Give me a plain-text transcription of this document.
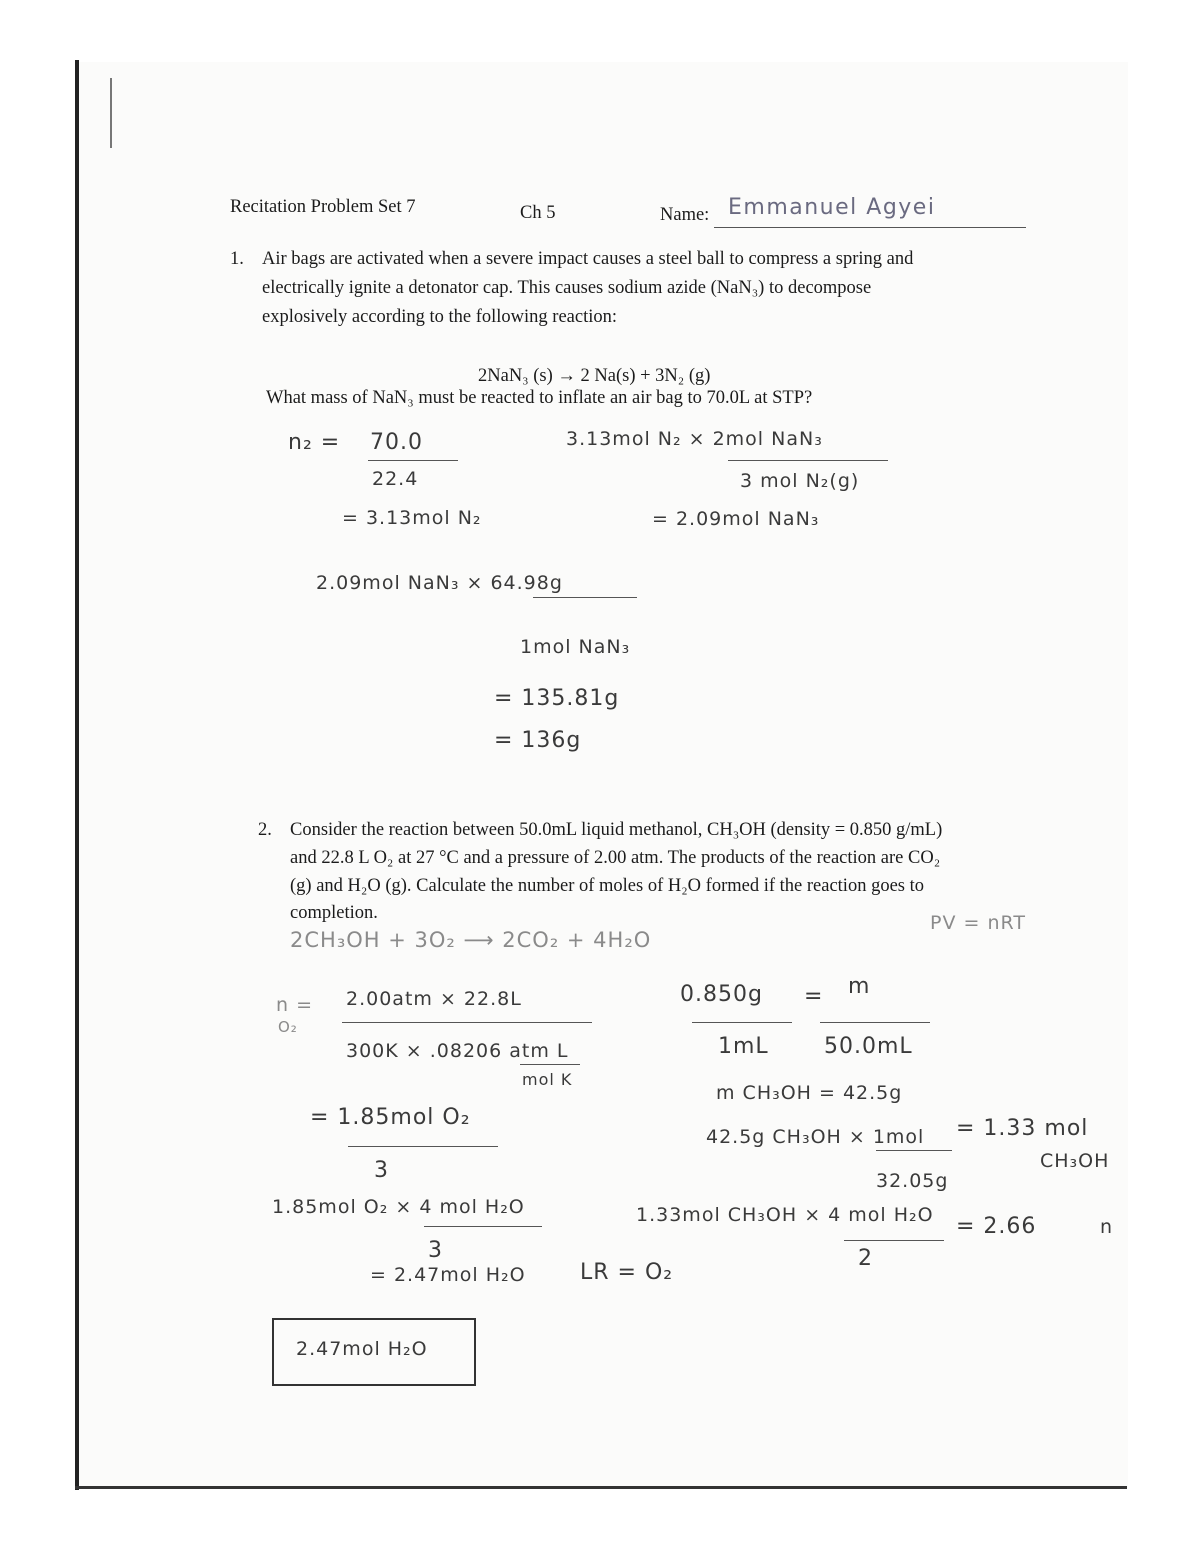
Recitation Problem Set 7	Ch 5	Name: Emmanuel Agyei
1. Air bags are activated when a severe impact causes a steel ball to compress a spring and
electrically ignite a detonator cap. This causes sodium azide (NaN₃) to decompose
explosively according to the following reaction:
2NaN₃ (s) → 2 Na(s) + 3N₂ (g)
What mass of NaN₃ must be reacted to inflate an air bag to 70.0L at STP?
n₂ = 70.0
22.4
= 3.13mol N₂
3.13mol N₂ × 2mol NaN₃
3 mol N₂(g)
= 2.09mol NaN₃
2.09mol NaN₃ × 64.98g
1mol NaN₃
= 135.81g
= 136g
2. Consider the reaction between 50.0mL liquid methanol, CH₃OH (density = 0.850 g/mL)
and 22.8 L O₂ at 27 °C and a pressure of 2.00 atm. The products of the reaction are CO₂
(g) and H₂O (g). Calculate the number of moles of H₂O formed if the reaction goes to
completion.
2CH₃OH + 3O₂ ⟶ 2CO₂ + 4H₂O
PV = nRT
n =
O₂
2.00atm × 22.8L
300K × .08206 atm L
mol K
= 1.85mol O₂
3
1.85mol O₂ × 4 mol H₂O
3
= 2.47mol H₂O LR = O₂
2.47mol H₂O
0.850g
1mL
= m
50.0mL
m CH₃OH = 42.5g
42.5g CH₃OH × 1mol
32.05g
= 1.33 mol
CH₃OH
1.33mol CH₃OH × 4 mol H₂O
2
= 2.66	n
